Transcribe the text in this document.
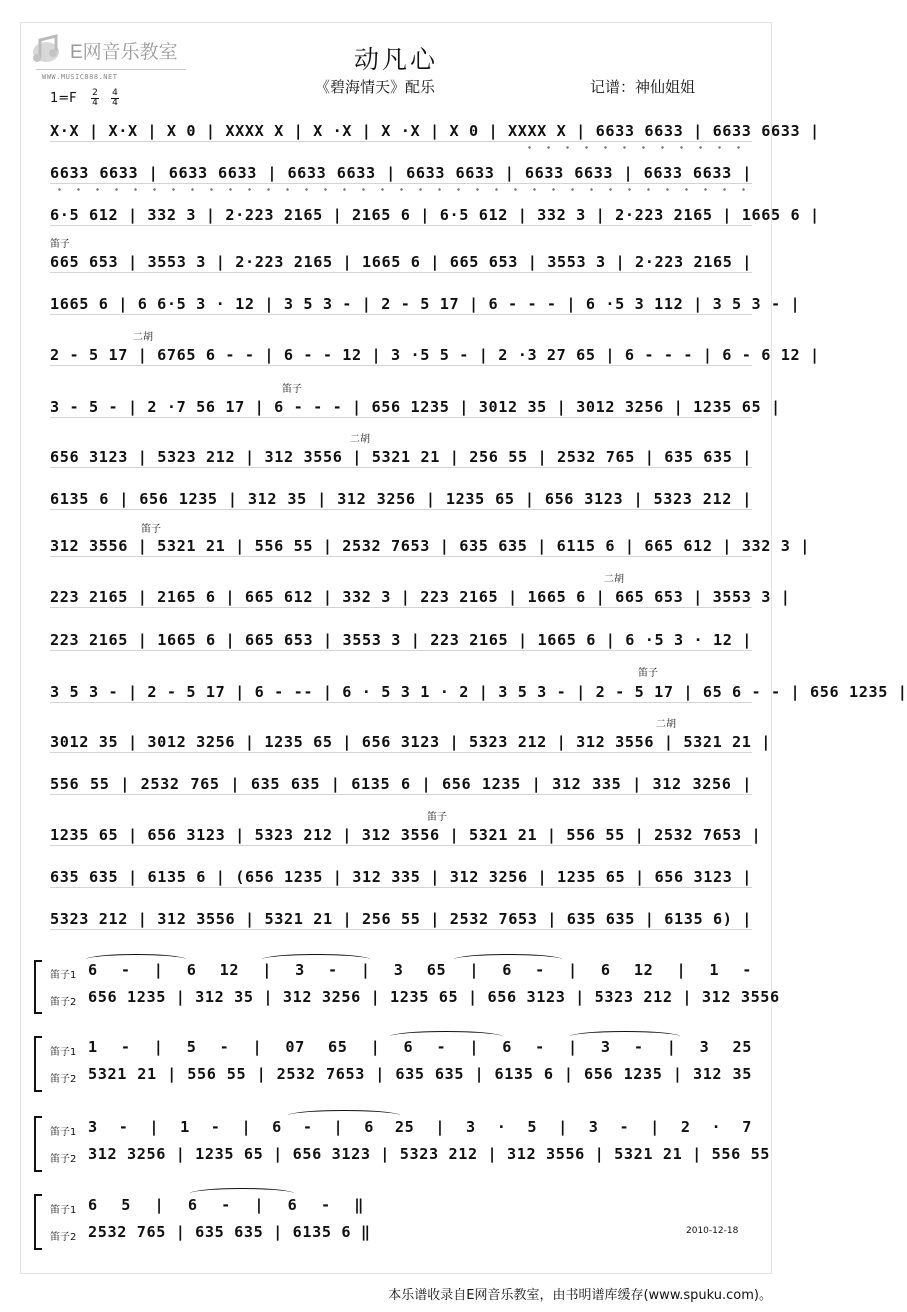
E网音乐教室
WWW.MUSIC888.NET
动凡心
《碧海情天》配乐	记谱：神仙姐姐
1=F 2
4
4
4
X·X | X·X | X 0 | XXXX X | X ·X | X ·X | X 0 | XXXX X | 6633 6633 | 6633 6633 |
6633 6633 | 6633 6633 | 6633 6633 | 6633 6633 | 6633 6633 | 6633 6633 |
6·5 612 | 332 3 | 2·223 2165 | 2165 6 | 6·5 612 | 332 3 | 2·223 2165 | 1665 6 |
665 653 | 3553 3 | 2·223 2165 | 1665 6 | 665 653 | 3553 3 | 2·223 2165 |
1665 6 | 6 6·5 3 · 12 | 3 5 3 - | 2 - 5 17 | 6 - - - | 6 ·5 3 112 | 3 5 3 - |
2 - 5 17 | 6765 6 - - | 6 - - 12 | 3 ·5 5 - | 2 ·3 27 65 | 6 - - - | 6 - 6 12 |
3 - 5 - | 2 ·7 56 17 | 6 - - - | 656 1235 | 3012 35 | 3012 3256 | 1235 65 |
656 3123 | 5323 212 | 312 3556 | 5321 21 | 256 55 | 2532 765 | 635 635 |
6135 6 | 656 1235 | 312 35 | 312 3256 | 1235 65 | 656 3123 | 5323 212 |
312 3556 | 5321 21 | 556 55 | 2532 7653 | 635 635 | 6115 6 | 665 612 | 332 3 |
223 2165 | 2165 6 | 665 612 | 332 3 | 223 2165 | 1665 6 | 665 653 | 3553 3 |
223 2165 | 1665 6 | 665 653 | 3553 3 | 223 2165 | 1665 6 | 6 ·5 3 · 12 |
3 5 3 - | 2 - 5 17 | 6 - -- | 6 · 5 3 1 · 2 | 3 5 3 - | 2 - 5 17 | 65 6 - - | 656 1235 |
3012 35 | 3012 3256 | 1235 65 | 656 3123 | 5323 212 | 312 3556 | 5321 21 |
556 55 | 2532 765 | 635 635 | 6135 6 | 656 1235 | 312 335 | 312 3256 |
1235 65 | 656 3123 | 5323 212 | 312 3556 | 5321 21 | 556 55 | 2532 7653 |
635 635 | 6135 6 | (656 1235 | 312 335 | 312 3256 | 1235 65 | 656 3123 |
5323 212 | 312 3556 | 5321 21 | 256 55 | 2532 7653 | 635 635 | 6135 6) |
笛子
二胡
笛子
二胡
笛子
二胡
笛子
二胡
笛子
笛子1
笛子2
6 - | 6 12 | 3 - | 3 65 | 6 - | 6 12 | 1 -
656 1235 | 312 35 | 312 3256 | 1235 65 | 656 3123 | 5323 212 | 312 3556
笛子1
笛子2
1 - | 5 - | 07 65 | 6 - | 6 - | 3 - | 3 25
5321 21 | 556 55 | 2532 7653 | 635 635 | 6135 6 | 656 1235 | 312 35
笛子1
笛子2
3 - | 1 - | 6 - | 6 25 | 3 · 5 | 3 - | 2 · 7
312 3256 | 1235 65 | 656 3123 | 5323 212 | 312 3556 | 5321 21 | 556 55
笛子1
笛子2
6 5 | 6 - | 6 - ‖
2532 765 | 635 635 | 6135 6 ‖	2010-12-18
本乐谱收录自E网音乐教室，由书明谱库缓存(www.spuku.com)。
